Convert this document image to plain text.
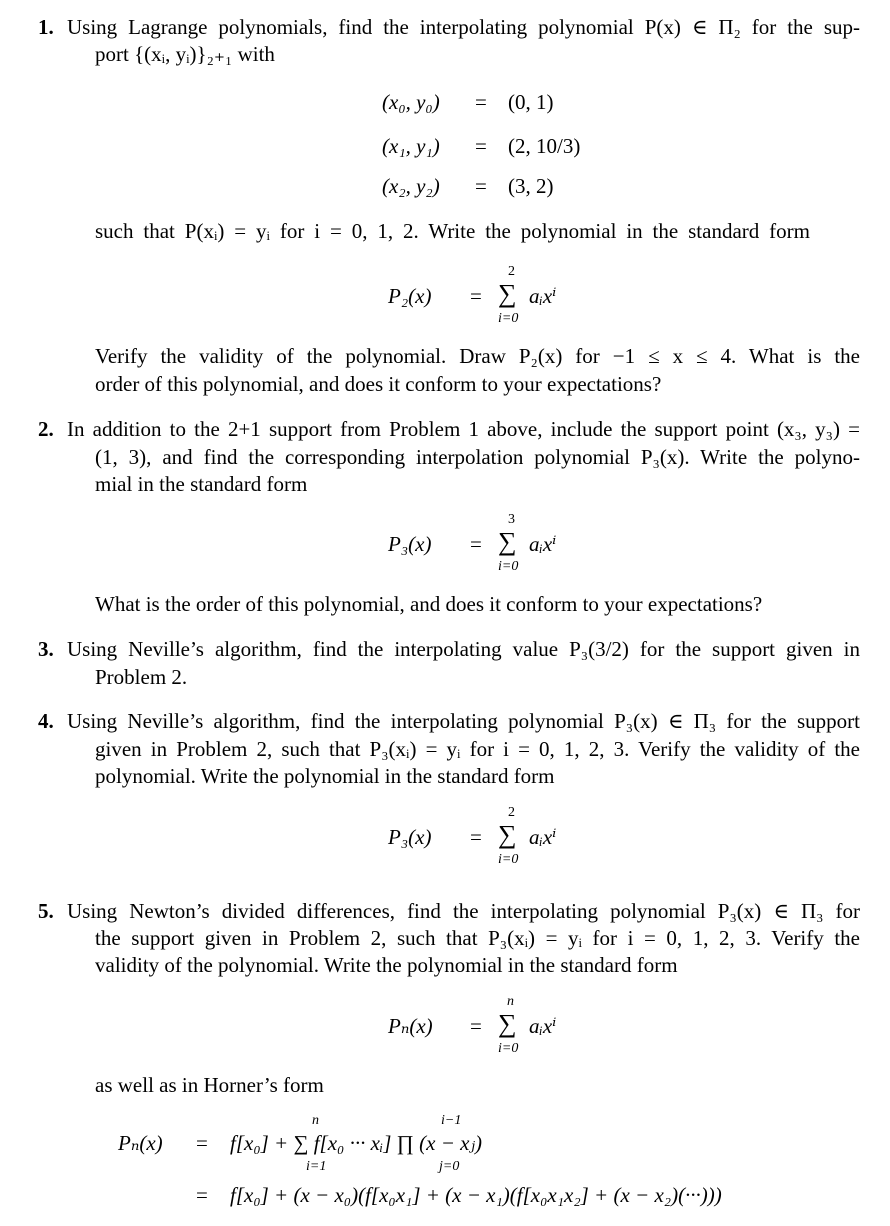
1. Using Lagrange polynomials, find the interpolating polynomial P(x) ∈ Π₂ for the sup-
port {(xᵢ, yᵢ)}₂₊₁ with
(x₀, y₀) = (0, 1)
(x₁, y₁) = (2, 10/3)
(x₂, y₂) = (3, 2)
such that P(xᵢ) = yᵢ for i = 0, 1, 2. Write the polynomial in the standard form
P₂(x) =
2
∑ aᵢxⁱ
i=0
Verify the validity of the polynomial. Draw P₂(x) for −1 ≤ x ≤ 4. What is the
order of this polynomial, and does it conform to your expectations?
2. In addition to the 2+1 support from Problem 1 above, include the support point (x₃, y₃) =
(1, 3), and find the corresponding interpolation polynomial P₃(x). Write the polyno-
mial in the standard form
P₃(x) =
3
∑ aᵢxⁱ
i=0
What is the order of this polynomial, and does it conform to your expectations?
3. Using Neville’s algorithm, find the interpolating value P₃(3/2) for the support given in
Problem 2.
4. Using Neville’s algorithm, find the interpolating polynomial P₃(x) ∈ Π₃ for the support
given in Problem 2, such that P₃(xᵢ) = yᵢ for i = 0, 1, 2, 3. Verify the validity of the
polynomial. Write the polynomial in the standard form
P₃(x) =
2
∑ aᵢxⁱ
i=0
5. Using Newton’s divided differences, find the interpolating polynomial P₃(x) ∈ Π₃ for
the support given in Problem 2, such that P₃(xᵢ) = yᵢ for i = 0, 1, 2, 3. Verify the
validity of the polynomial. Write the polynomial in the standard form
Pₙ(x) =
n
∑ aᵢxⁱ
i=0
as well as in Horner’s form
Pₙ(x) =
n	i−1
f[x₀] + ∑ f[x₀ ··· xᵢ] ∏ (x − xⱼ)
i=1	j=0
= f[x₀] + (x − x₀)(f[x₀x₁] + (x − x₁)(f[x₀x₁x₂] + (x − x₂)(···)))
